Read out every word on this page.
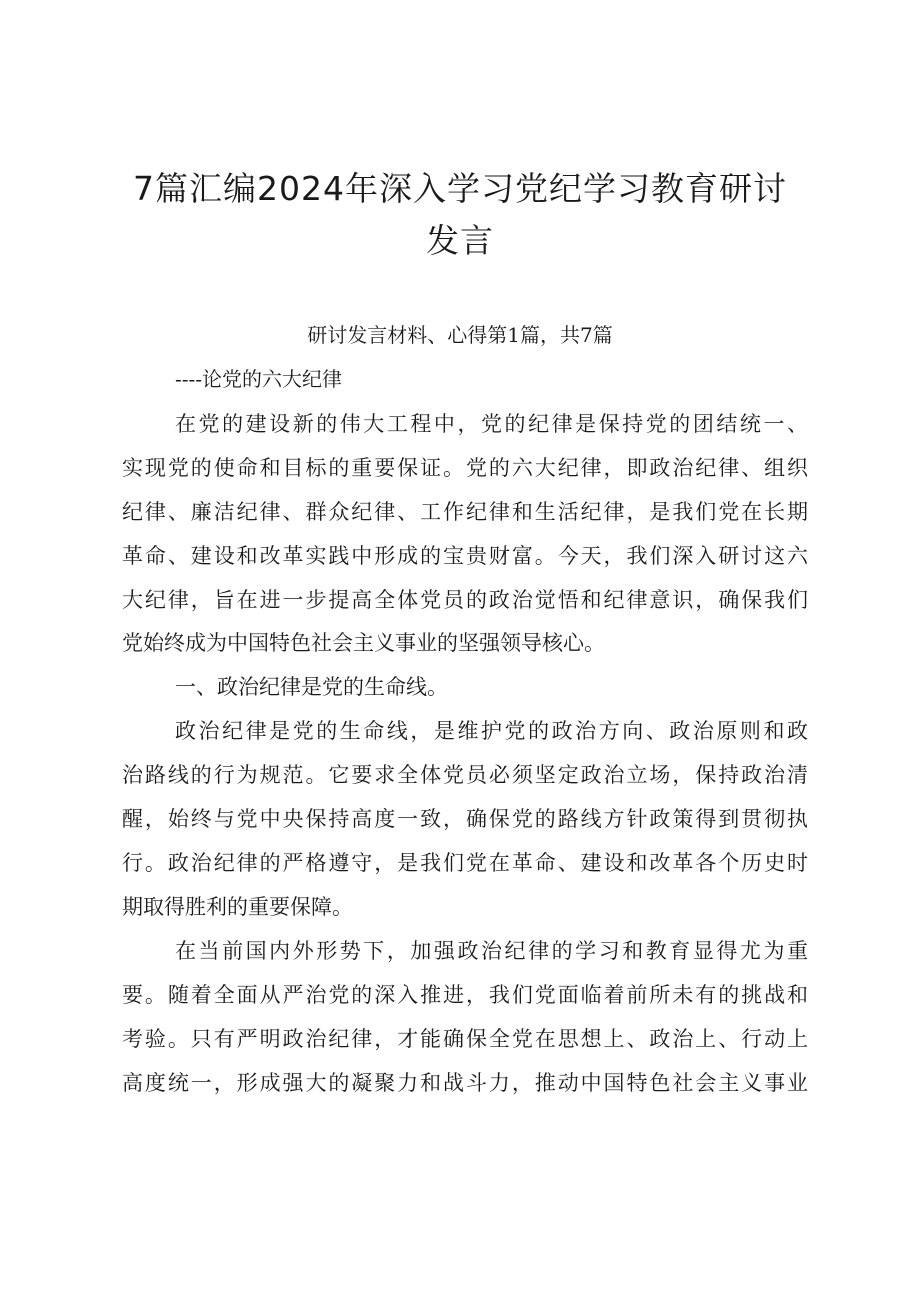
7篇汇编2024年深入学习党纪学习教育研讨
发言
研讨发言材料、心得第1篇，共7篇
----论党的六大纪律
在党的建设新的伟大工程中，党的纪律是保持党的团结统一、
实现党的使命和目标的重要保证。党的六大纪律，即政治纪律、组织
纪律、廉洁纪律、群众纪律、工作纪律和生活纪律，是我们党在长期
革命、建设和改革实践中形成的宝贵财富。今天，我们深入研讨这六
大纪律，旨在进一步提高全体党员的政治觉悟和纪律意识，确保我们
党始终成为中国特色社会主义事业的坚强领导核心。
一、政治纪律是党的生命线。
政治纪律是党的生命线，是维护党的政治方向、政治原则和政
治路线的行为规范。它要求全体党员必须坚定政治立场，保持政治清
醒，始终与党中央保持高度一致，确保党的路线方针政策得到贯彻执
行。政治纪律的严格遵守，是我们党在革命、建设和改革各个历史时
期取得胜利的重要保障。
在当前国内外形势下，加强政治纪律的学习和教育显得尤为重
要。随着全面从严治党的深入推进，我们党面临着前所未有的挑战和
考验。只有严明政治纪律，才能确保全党在思想上、政治上、行动上
高度统一，形成强大的凝聚力和战斗力，推动中国特色社会主义事业
